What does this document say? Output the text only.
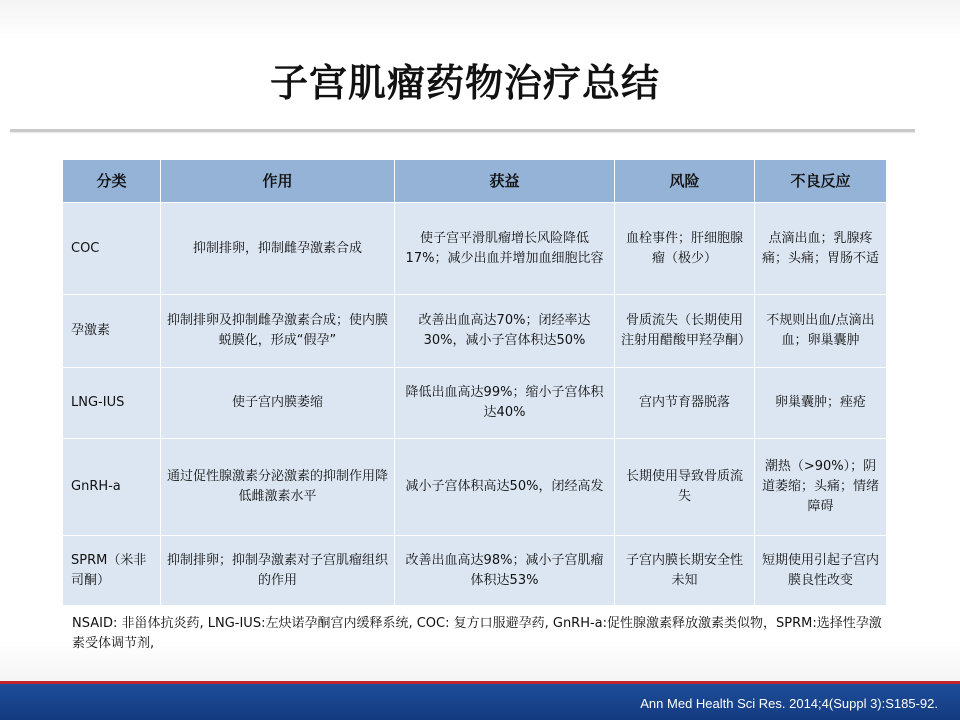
子宫肌瘤药物治疗总结
分类	作用	获益	风险	不良反应
COC	抑制排卵，抑制雌孕激素合成	使子宫平滑肌瘤增长风险降低17%；减少出血并增加血细胞比容	血栓事件；肝细胞腺瘤（极少）	点滴出血；乳腺疼痛；头痛；胃肠不适
孕激素	抑制排卵及抑制雌孕激素合成；使内膜蜕膜化，形成“假孕”	改善出血高达70%；闭经率达30%，减小子宫体积达50%	骨质流失（长期使用注射用醋酸甲羟孕酮）	不规则出血/点滴出血；卵巢囊肿
LNG-IUS	使子宫内膜萎缩	降低出血高达99%；缩小子宫体积达40%	宫内节育器脱落	卵巢囊肿；痤疮
GnRH-a	通过促性腺激素分泌激素的抑制作用降低雌激素水平	减小子宫体积高达50%，闭经高发	长期使用导致骨质流失	潮热（>90%）；阴道萎缩；头痛；情绪障碍
SPRM（米非司酮）	抑制排卵；抑制孕激素对子宫肌瘤组织的作用	改善出血高达98%；减小子宫肌瘤体积达53%	子宫内膜长期安全性未知	短期使用引起子宫内膜良性改变
NSAID: 非甾体抗炎药, LNG-IUS:左炔诺孕酮宫内缓释系统, COC: 复方口服避孕药, GnRH-a:促性腺激素释放激素类似物，SPRM:选择性孕激素受体调节剂,
Ann Med Health Sci Res. 2014;4(Suppl 3):S185-92.
